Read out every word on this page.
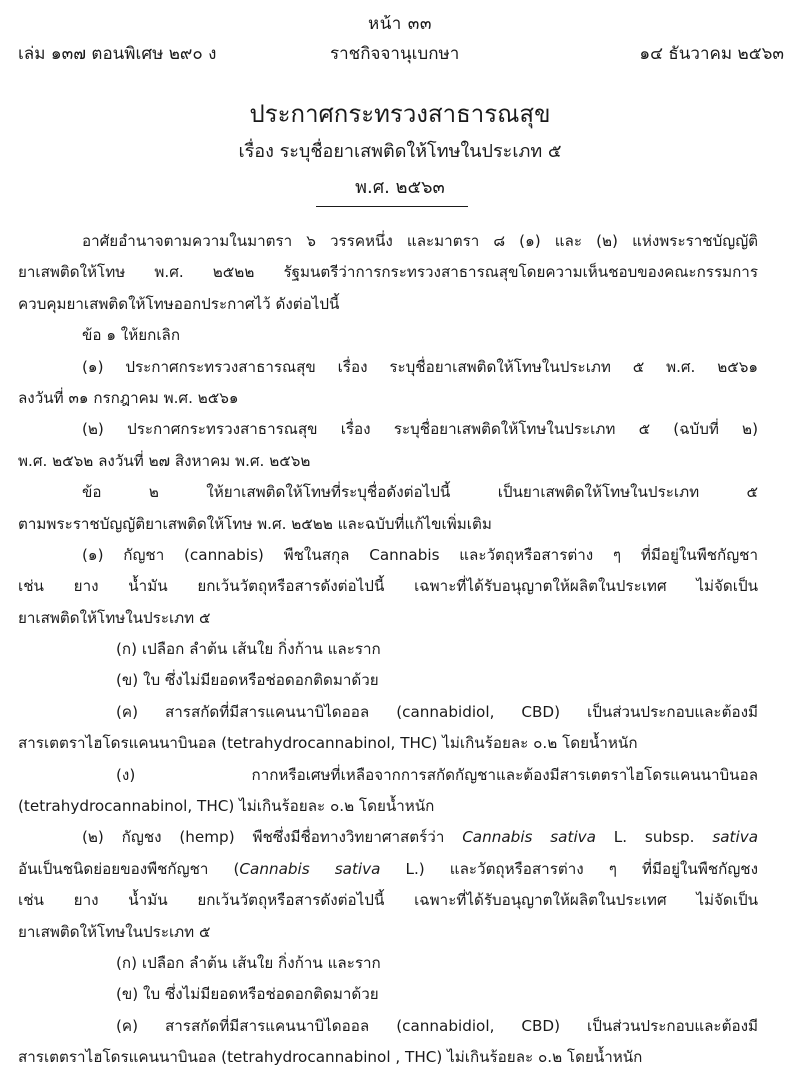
หน้า ๓๓
เล่ม ๑๓๗ ตอนพิเศษ ๒๙๐ ง	ราชกิจจานุเบกษา	๑๔ ธันวาคม ๒๕๖๓
ประกาศกระทรวงสาธารณสุข
เรื่อง ระบุชื่อยาเสพติดให้โทษในประเภท ๕
พ.ศ. ๒๕๖๓
อาศัยอำนาจตามความในมาตรา ๖ วรรคหนึ่ง และมาตรา ๘ (๑) และ (๒) แห่งพระราชบัญญัติ
ยาเสพติดให้โทษ พ.ศ. ๒๕๒๒ รัฐมนตรีว่าการกระทรวงสาธารณสุขโดยความเห็นชอบของคณะกรรมการ
ควบคุมยาเสพติดให้โทษออกประกาศไว้ ดังต่อไปนี้
ข้อ ๑ ให้ยกเลิก
(๑) ประกาศกระทรวงสาธารณสุข เรื่อง ระบุชื่อยาเสพติดให้โทษในประเภท ๕ พ.ศ. ๒๕๖๑
ลงวันที่ ๓๑ กรกฎาคม พ.ศ. ๒๕๖๑
(๒) ประกาศกระทรวงสาธารณสุข เรื่อง ระบุชื่อยาเสพติดให้โทษในประเภท ๕ (ฉบับที่ ๒)
พ.ศ. ๒๕๖๒ ลงวันที่ ๒๗ สิงหาคม พ.ศ. ๒๕๖๒
ข้อ ๒ ให้ยาเสพติดให้โทษที่ระบุชื่อดังต่อไปนี้ เป็นยาเสพติดให้โทษในประเภท ๕
ตามพระราชบัญญัติยาเสพติดให้โทษ พ.ศ. ๒๕๒๒ และฉบับที่แก้ไขเพิ่มเติม
(๑) กัญชา (cannabis) พืชในสกุล Cannabis และวัตถุหรือสารต่าง ๆ ที่มีอยู่ในพืชกัญชา
เช่น ยาง น้ำมัน ยกเว้นวัตถุหรือสารดังต่อไปนี้ เฉพาะที่ได้รับอนุญาตให้ผลิตในประเทศ ไม่จัดเป็น
ยาเสพติดให้โทษในประเภท ๕
(ก) เปลือก ลำต้น เส้นใย กิ่งก้าน และราก
(ข) ใบ ซึ่งไม่มียอดหรือช่อดอกติดมาด้วย
(ค) สารสกัดที่มีสารแคนนาบิไดออล (cannabidiol, CBD) เป็นส่วนประกอบและต้องมี
สารเตตราไฮโดรแคนนาบินอล (tetrahydrocannabinol, THC) ไม่เกินร้อยละ ๐.๒ โดยน้ำหนัก
(ง) กากหรือเศษที่เหลือจากการสกัดกัญชาและต้องมีสารเตตราไฮโดรแคนนาบินอล
(tetrahydrocannabinol, THC) ไม่เกินร้อยละ ๐.๒ โดยน้ำหนัก
(๒) กัญชง (hemp) พืชซึ่งมีชื่อทางวิทยาศาสตร์ว่า Cannabis sativa L. subsp. sativa
อันเป็นชนิดย่อยของพืชกัญชา (Cannabis sativa L.) และวัตถุหรือสารต่าง ๆ ที่มีอยู่ในพืชกัญชง
เช่น ยาง น้ำมัน ยกเว้นวัตถุหรือสารดังต่อไปนี้ เฉพาะที่ได้รับอนุญาตให้ผลิตในประเทศ ไม่จัดเป็น
ยาเสพติดให้โทษในประเภท ๕
(ก) เปลือก ลำต้น เส้นใย กิ่งก้าน และราก
(ข) ใบ ซึ่งไม่มียอดหรือช่อดอกติดมาด้วย
(ค) สารสกัดที่มีสารแคนนาบิไดออล (cannabidiol, CBD) เป็นส่วนประกอบและต้องมี
สารเตตราไฮโดรแคนนาบินอล (tetrahydrocannabinol , THC) ไม่เกินร้อยละ ๐.๒ โดยน้ำหนัก
